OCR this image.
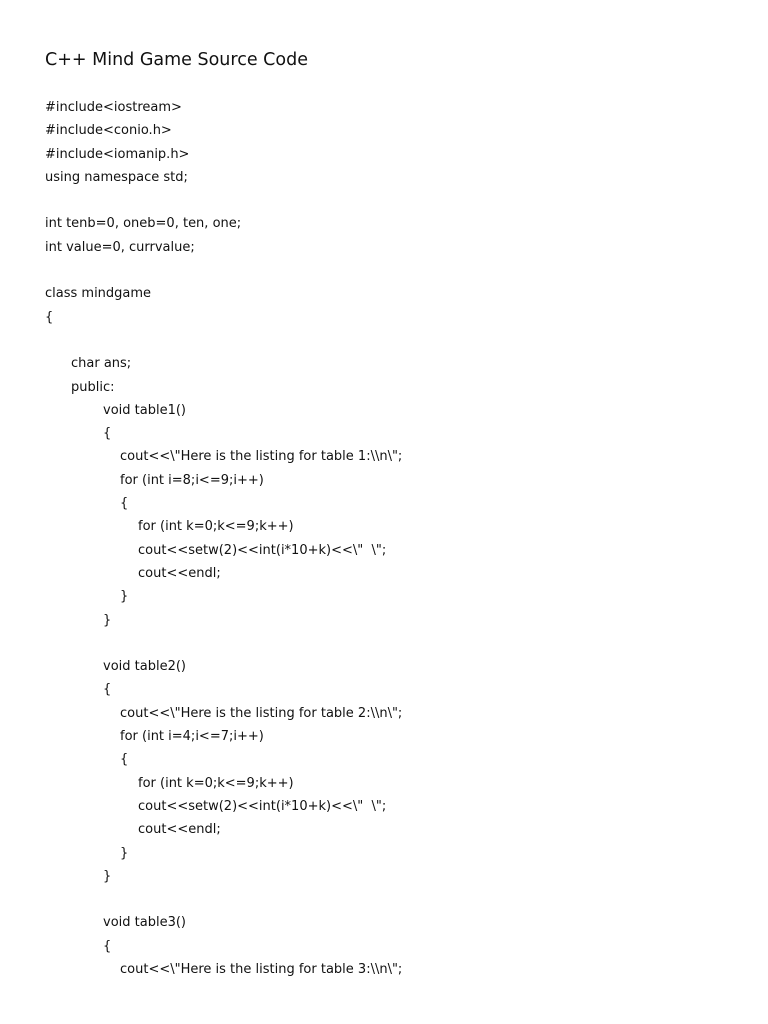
C++ Mind Game Source Code
#include<iostream>
#include<conio.h>
#include<iomanip.h>
using namespace std;
int tenb=0, oneb=0, ten, one;
int value=0, currvalue;
class mindgame
{
char ans;
public:
void table1()
{
cout<<\"Here is the listing for table 1:\\n\";
for (int i=8;i<=9;i++)
{
for (int k=0;k<=9;k++)
cout<<setw(2)<<int(i*10+k)<<\"  \";
cout<<endl;
}
}
void table2()
{
cout<<\"Here is the listing for table 2:\\n\";
for (int i=4;i<=7;i++)
{
for (int k=0;k<=9;k++)
cout<<setw(2)<<int(i*10+k)<<\"  \";
cout<<endl;
}
}
void table3()
{
cout<<\"Here is the listing for table 3:\\n\";
